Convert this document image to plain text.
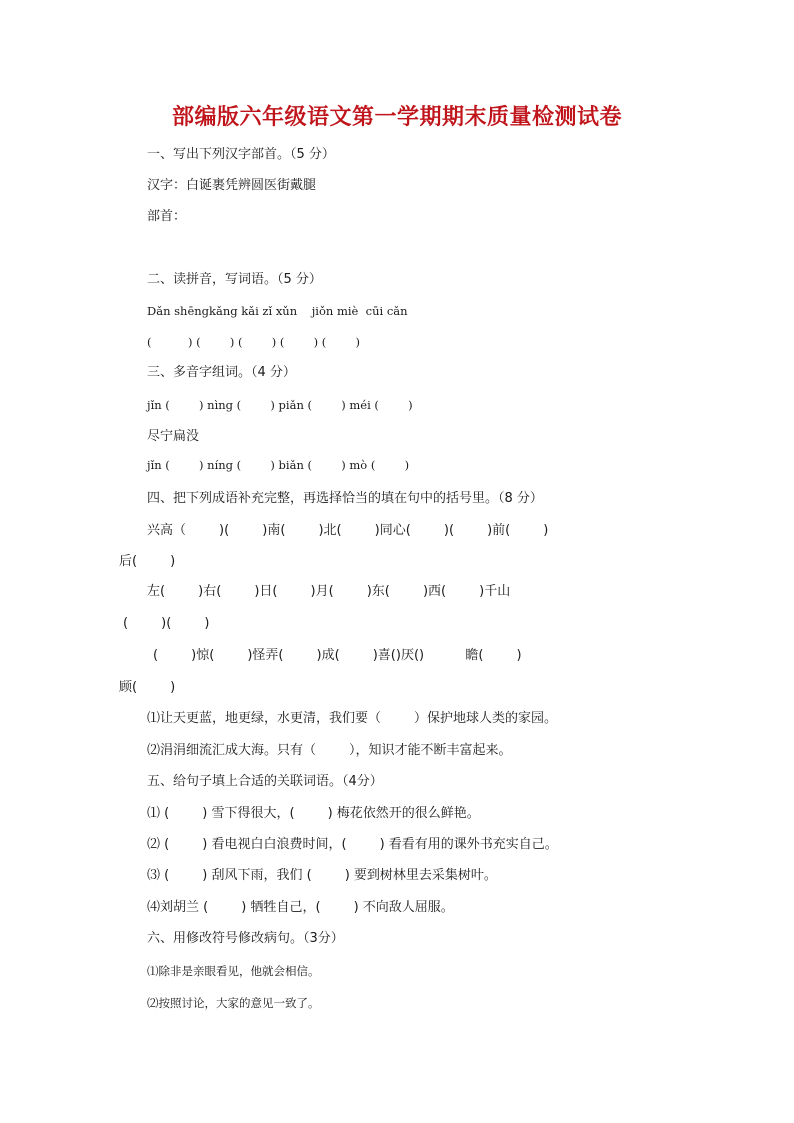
部编版六年级语文第一学期期末质量检测试卷
一、写出下列汉字部首。（5 分）
汉字：白诞裹凭辨圆医街戴腿
部首：
二、读拼音，写词语。（5 分）
Dǎn shēngkǎng kǎi zǐ xǔn    jiǒn miè  cūi cǎn
(          ) (        ) (        ) (        ) (        )
三、多音字组词。（4 分）
jǐn (        ) nìng (        ) piǎn (        ) méi (        )
尽宁扁没
jǐn (        ) níng (        ) biǎn (        ) mò (        )
四、把下列成语补充完整，再选择恰当的填在句中的括号里。（8 分）
兴高（        )(        )南(        )北(        )同心(        )(        )前(        )
后(        )
左(        )右(        )日(        )月(        )东(        )西(        )千山
(        )(        )
(        )惊(        )怪弄(        )成(        )喜()厌()          瞻(        )
顾(        )
⑴让天更蓝，地更绿，水更清，我们要（        ）保护地球人类的家园。
⑵涓涓细流汇成大海。只有（        ），知识才能不断丰富起来。
五、给句子填上合适的关联词语。（4分）
⑴ (        ) 雪下得很大，(        ) 梅花依然开的很么鲜艳。
⑵ (        ) 看电视白白浪费时间，(        ) 看看有用的课外书充实自己。
⑶ (        ) 刮风下雨，我们 (        ) 要到树林里去采集树叶。
⑷刘胡兰 (        ) 牺牲自己，(        ) 不向敌人屈服。
六、用修改符号修改病句。（3分）
⑴除非是亲眼看见，他就会相信。
⑵按照讨论，大家的意见一致了。
